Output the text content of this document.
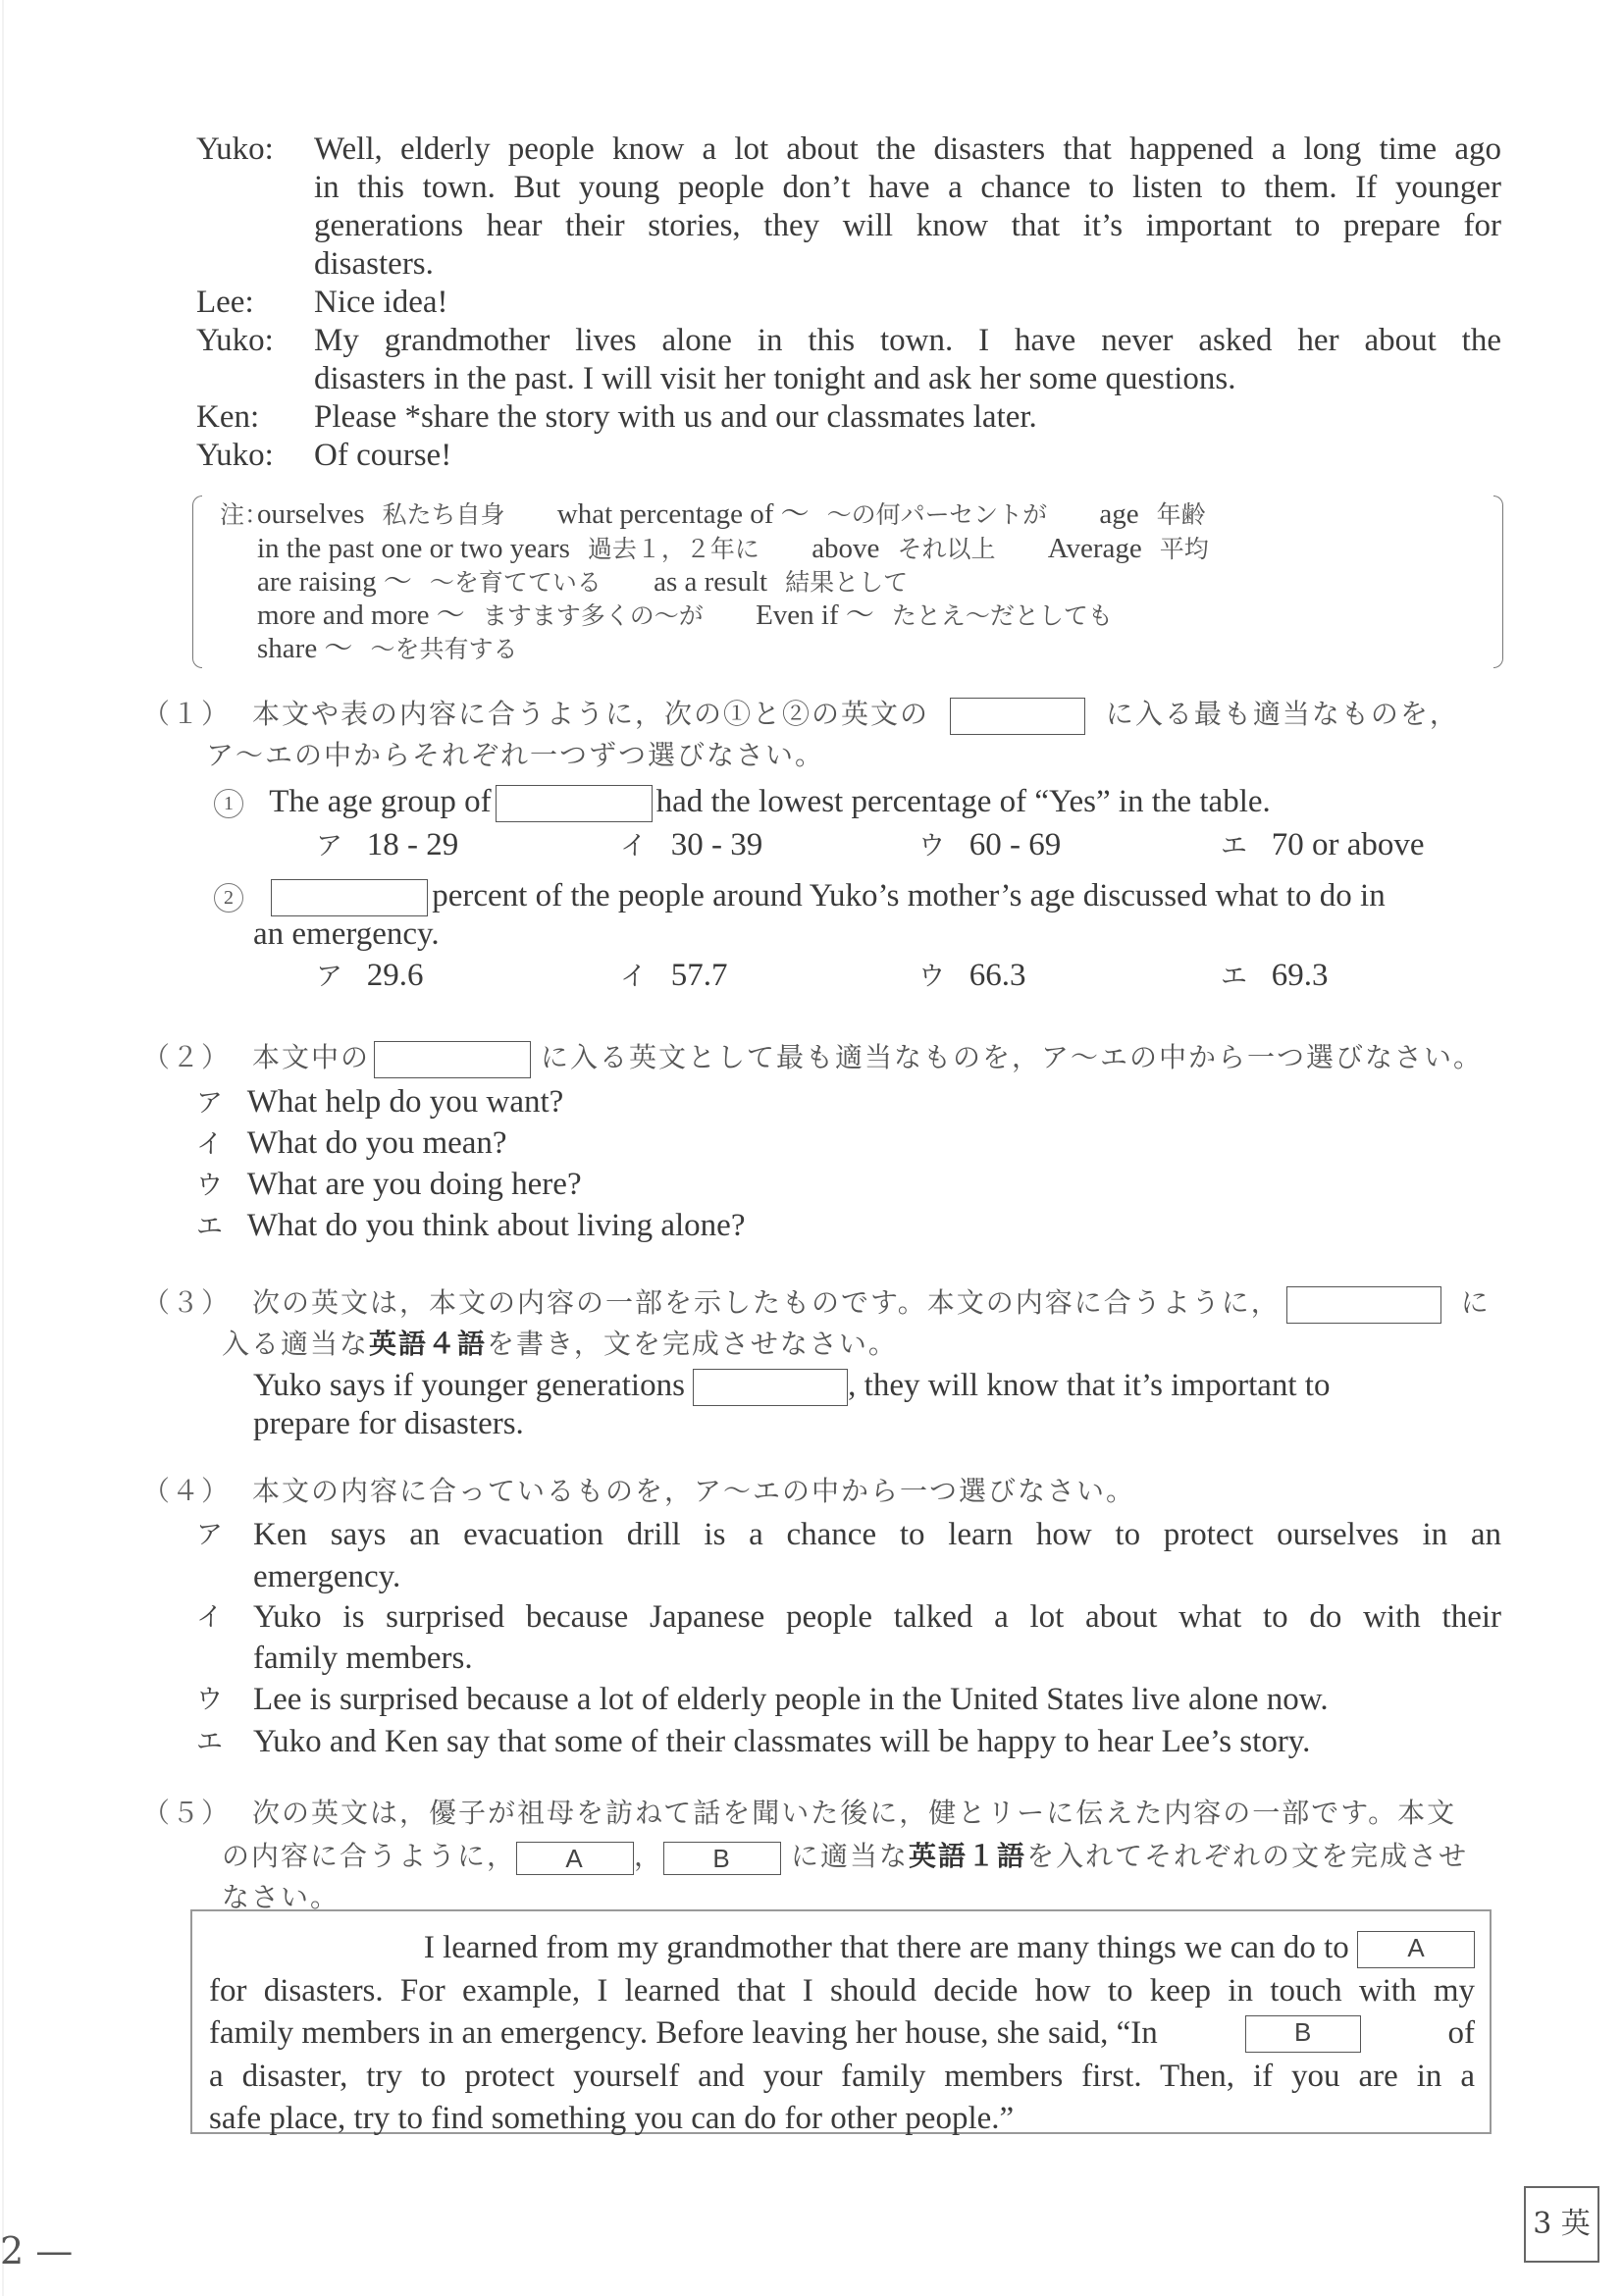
Yuko: Well, elderly people know a lot about the disasters that happened a long time ago
in this town. But young people don’t have a chance to listen to them. If younger
generations hear their stories, they will know that it’s important to prepare for
disasters.
Lee: Nice idea!
Yuko: My grandmother lives alone in this town. I have never asked her about the
disasters in the past. I will visit her tonight and ask her some questions.
Ken: Please *share the story with us and our classmates later.
Yuko: Of course!
注：
ourselves 私たち自身 what percentage of ～ ～の何パーセントが age 年齢
in the past one or two years 過去１，２年に above それ以上 Average 平均
are raising ～ ～を育てている as a result 結果として
more and more ～ ますます多くの～が Even if ～ たとえ～だとしても
share ～ ～を共有する
（１） 本文や表の内容に合うように，次の①と②の英文の	に入る最も適当なものを，
ア～エの中からそれぞれ一つずつ選びなさい。
1 The age group of	had the lowest percentage of “Yes” in the table.
ア 18 - 29	イ 30 - 39	ウ 60 - 69	エ 70 or above
2	percent of the people around Yuko’s mother’s age discussed what to do in
an emergency.
ア 29.6	イ 57.7	ウ 66.3	エ 69.3
（２） 本文中の	に入る英文として最も適当なものを，ア～エの中から一つ選びなさい。
ア What help do you want?
イ What do you mean?
ウ What are you doing here?
エ What do you think about living alone?
（３） 次の英文は，本文の内容の一部を示したものです。本文の内容に合うように，	に
入る適当な英語４語を書き，文を完成させなさい。
Yuko says if younger generations	, they will know that it’s important to
prepare for disasters.
（４） 本文の内容に合っているものを，ア～エの中から一つ選びなさい。
ア Ken says an evacuation drill is a chance to learn how to protect ourselves in an
emergency.
イ Yuko is surprised because Japanese people talked a lot about what to do with their
family members.
ウ Lee is surprised because a lot of elderly people in the United States live alone now.
エ Yuko and Ken say that some of their classmates will be happy to hear Lee’s story.
（５） 次の英文は，優子が祖母を訪ねて話を聞いた後に，健とリーに伝えた内容の一部です。本文
の内容に合うように， A ， B に適当な英語１語を入れてそれぞれの文を完成させ
なさい。
I learned from my grandmother that there are many things we can do to A
for disasters. For example, I learned that I should decide how to keep in touch with my
family members in an emergency. Before leaving her house, she said, “In	B	of
a disaster, try to protect yourself and your family members first. Then, if you are in a
safe place, try to find something you can do for other people.”
2 —
3 英
